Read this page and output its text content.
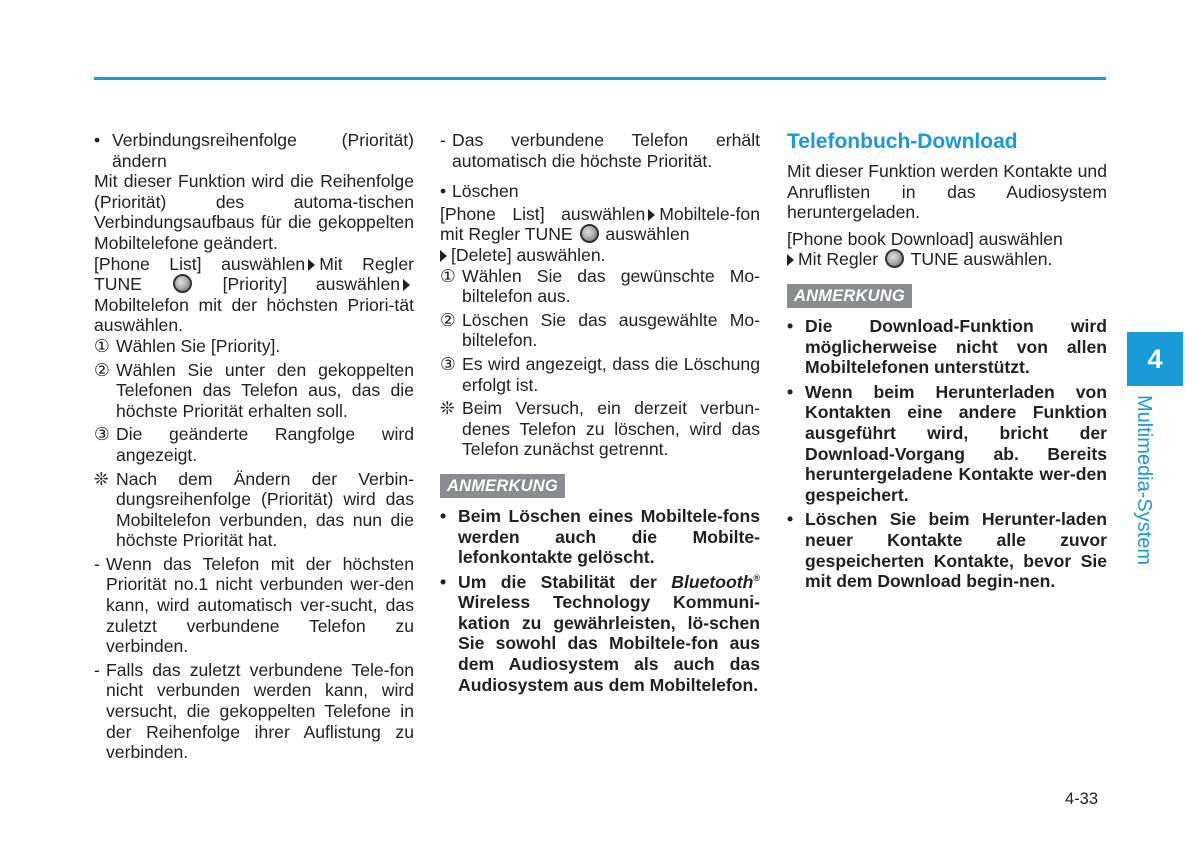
• Verbindungsreihenfolge (Priorität) ändern

Mit dieser Funktion wird die Reihenfolge (Priorität) des automa-tischen Verbindungsaufbaus für die gekoppelten Mobiltelefone geändert.

[Phone List] auswählen Mit Regler TUNE	[Priority] auswählen Mobiltelefon mit der höchsten Priori-tät auswählen.

① Wählen Sie [Priority].
② Wählen Sie unter den gekoppelten Telefonen das Telefon aus, das die höchste Priorität erhalten soll.
③ Die geänderte Rangfolge wird angezeigt.
❊ Nach dem Ändern der Verbin-dungsreihenfolge (Priorität) wird das Mobiltelefon verbunden, das nun die höchste Priorität hat.
- Wenn das Telefon mit der höchsten Priorität no.1 nicht verbunden wer-den kann, wird automatisch ver-sucht, das zuletzt verbundene Telefon zu verbinden.
- Falls das zuletzt verbundene Tele-fon nicht verbunden werden kann, wird versucht, die gekoppelten Telefone in der Reihenfolge ihrer Auflistung zu verbinden.
- Das verbundene Telefon erhält automatisch die höchste Priorität.
• Löschen

[Phone List] auswählen Mobiltele-fon mit Regler TUNE auswählen
[Delete] auswählen.

① Wählen Sie das gewünschte Mo-biltelefon aus.
② Löschen Sie das ausgewählte Mo-biltelefon.
③ Es wird angezeigt, dass die Löschung erfolgt ist.
❊ Beim Versuch, ein derzeit verbun-denes Telefon zu löschen, wird das Telefon zunächst getrennt.
ANMERKUNG
• Beim Löschen eines Mobiltele-fons werden auch die Mobilte-lefonkontakte gelöscht.
• Um die Stabilität der Bluetooth® Wireless Technology Kommuni-kation zu gewährleisten, lö-schen Sie sowohl das Mobiltele-fon aus dem Audiosystem als auch das Audiosystem aus dem Mobiltelefon.
Telefonbuch-Download

Mit dieser Funktion werden Kontakte und Anruflisten in das Audiosystem heruntergeladen.

[Phone book Download] auswählen
Mit Regler TUNE auswählen.

ANMERKUNG
• Die Download-Funktion wird möglicherweise nicht von allen Mobiltelefonen unterstützt.
• Wenn beim Herunterladen von Kontakten eine andere Funktion ausgeführt wird, bricht der Download-Vorgang ab. Bereits heruntergeladene Kontakte wer-den gespeichert.
• Löschen Sie beim Herunter-laden neuer Kontakte alle zuvor gespeicherten Kontakte, bevor Sie mit dem Download begin-nen.
4
Multimedia-System
4-33
